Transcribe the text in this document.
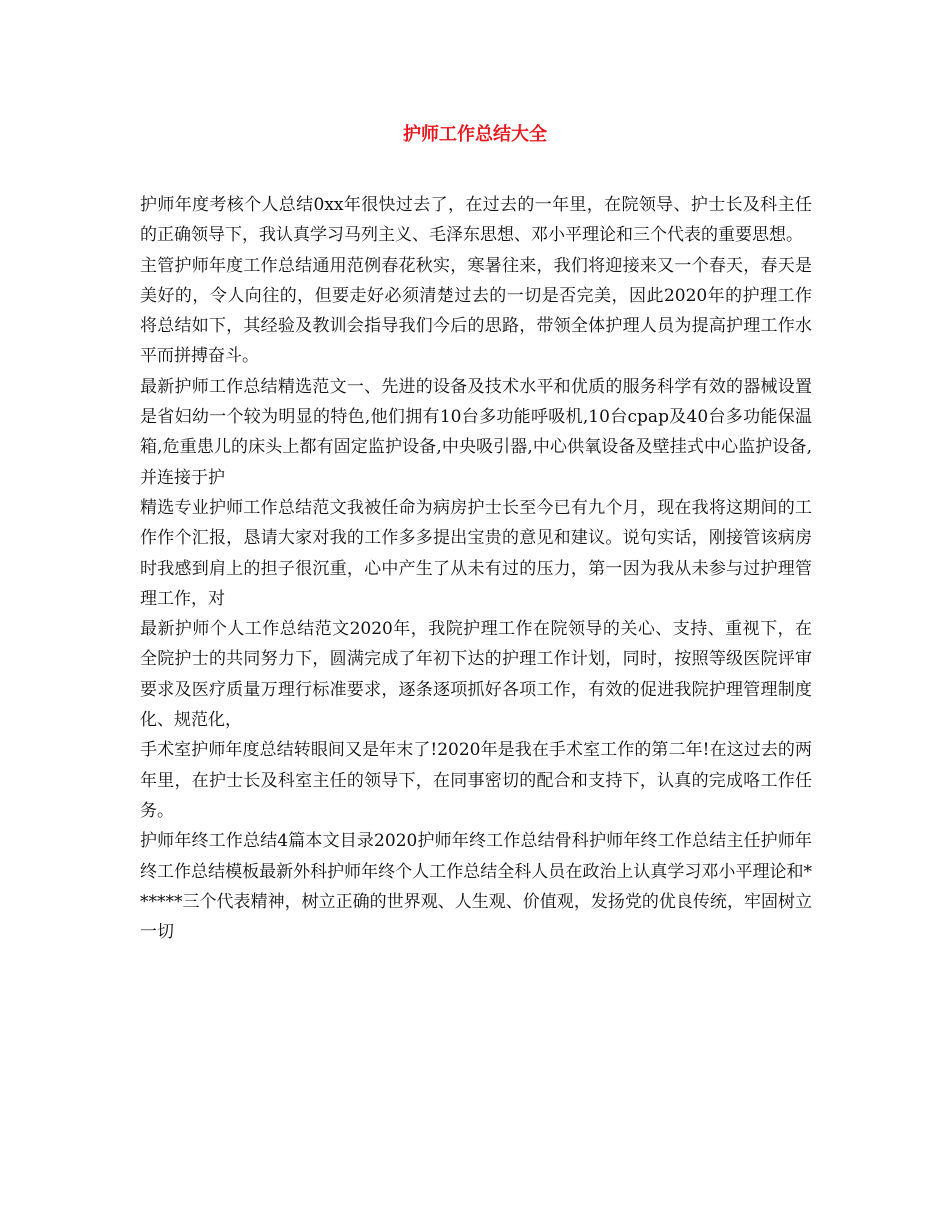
护师工作总结大全

护师年度考核个人总结0xx年很快过去了，在过去的一年里，在院领导、护士长及科主任的正确领导下，我认真学习马列主义、毛泽东思想、邓小平理论和三个代表的重要思想。

主管护师年度工作总结通用范例春花秋实，寒暑往来，我们将迎接来又一个春天，春天是美好的，令人向往的，但要走好必须清楚过去的一切是否完美，因此2020年的护理工作将总结如下，其经验及教训会指导我们今后的思路，带领全体护理人员为提高护理工作水平而拼搏奋斗。

最新护师工作总结精选范文一、先进的设备及技术水平和优质的服务科学有效的器械设置是省妇幼一个较为明显的特色,他们拥有10台多功能呼吸机,10台cpap及40台多功能保温箱,危重患儿的床头上都有固定监护设备,中央吸引器,中心供氧设备及壁挂式中心监护设备,并连接于护

精选专业护师工作总结范文我被任命为病房护士长至今已有九个月，现在我将这期间的工作作个汇报，恳请大家对我的工作多多提出宝贵的意见和建议。说句实话，刚接管该病房时我感到肩上的担子很沉重，心中产生了从未有过的压力，第一因为我从未参与过护理管理工作，对

最新护师个人工作总结范文2020年，我院护理工作在院领导的关心、支持、重视下，在全院护士的共同努力下，圆满完成了年初下达的护理工作计划，同时，按照等级医院评审要求及医疗质量万理行标准要求，逐条逐项抓好各项工作，有效的促进我院护理管理制度化、规范化，

手术室护师年度总结转眼间又是年末了!2020年是我在手术室工作的第二年!在这过去的两年里，在护士长及科室主任的领导下，在同事密切的配合和支持下，认真的完成咯工作任务。

护师年终工作总结4篇本文目录2020护师年终工作总结骨科护师年终工作总结主任护师年终工作总结模板最新外科护师年终个人工作总结全科人员在政治上认真学习邓小平理论和******三个代表精神，树立正确的世界观、人生观、价值观，发扬党的优良传统，牢固树立一切
